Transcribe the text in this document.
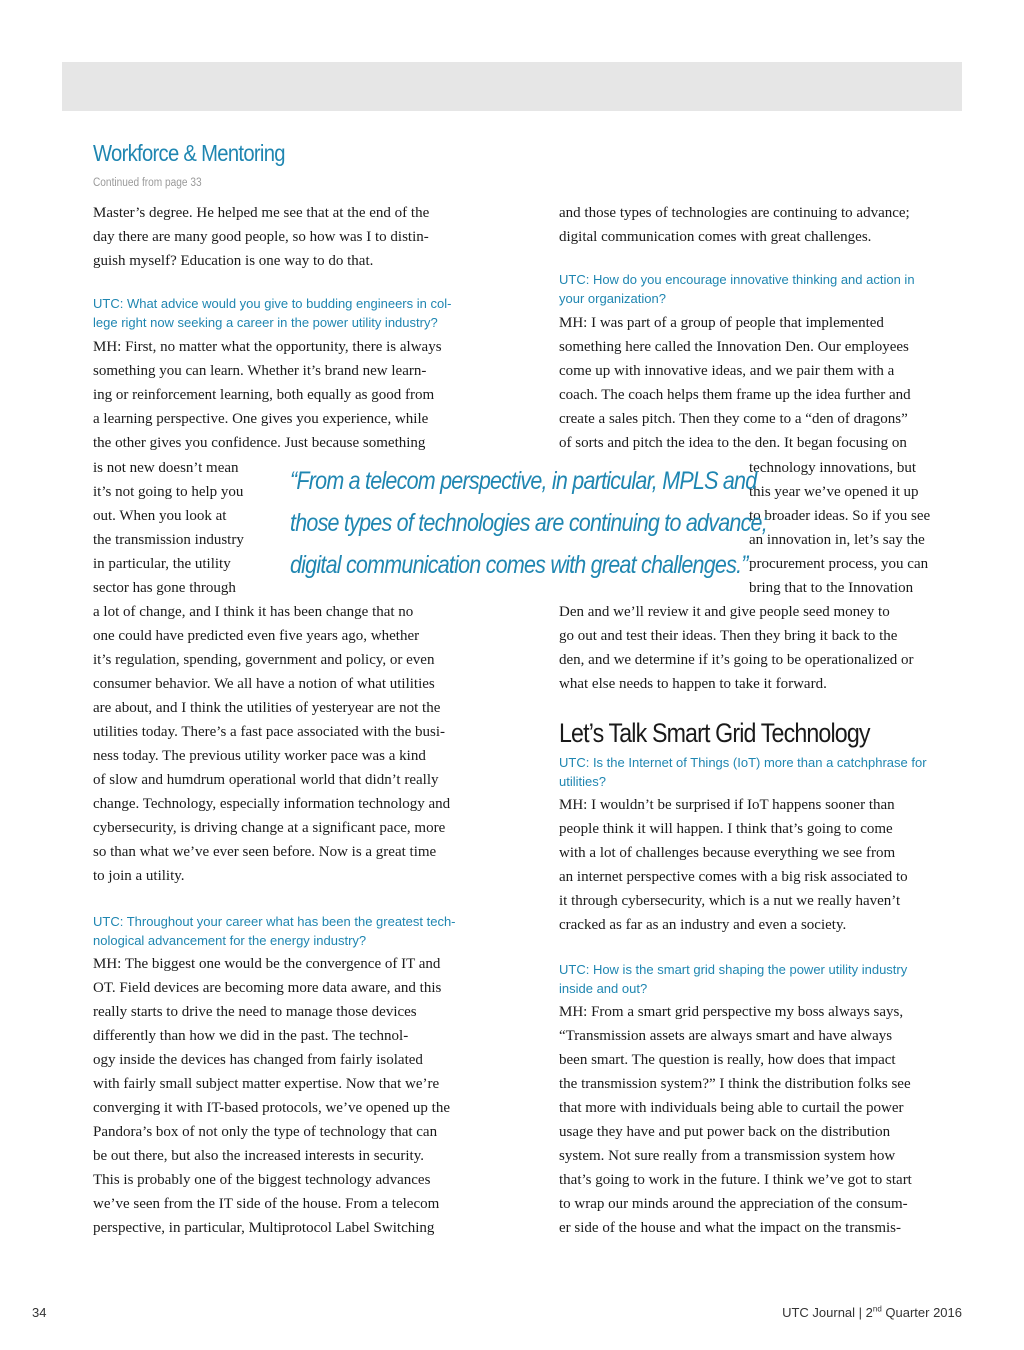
Workforce & Mentoring
Continued from page 33
Master’s degree. He helped me see that at the end of the
day there are many good people, so how was I to distin-
guish myself? Education is one way to do that.
UTC: What advice would you give to budding engineers in col-
lege right now seeking a career in the power utility industry?
MH: First, no matter what the opportunity, there is always
something you can learn. Whether it’s brand new learn-
ing or reinforcement learning, both equally as good from
a learning perspective. One gives you experience, while
the other gives you confidence. Just because something
is not new doesn’t mean
it’s not going to help you
out. When you look at
the transmission industry
in particular, the utility
sector has gone through
a lot of change, and I think it has been change that no
one could have predicted even five years ago, whether
it’s regulation, spending, government and policy, or even
consumer behavior. We all have a notion of what utilities
are about, and I think the utilities of yesteryear are not the
utilities today. There’s a fast pace associated with the busi-
ness today. The previous utility worker pace was a kind
of slow and humdrum operational world that didn’t really
change. Technology, especially information technology and
cybersecurity, is driving change at a significant pace, more
so than what we’ve ever seen before. Now is a great time
to join a utility.
UTC: Throughout your career what has been the greatest tech-
nological advancement for the energy industry?
MH: The biggest one would be the convergence of IT and
OT. Field devices are becoming more data aware, and this
really starts to drive the need to manage those devices
differently than how we did in the past. The technol-
ogy inside the devices has changed from fairly isolated
with fairly small subject matter expertise. Now that we’re
converging it with IT-based protocols, we’ve opened up the
Pandora’s box of not only the type of technology that can
be out there, but also the increased interests in security.
This is probably one of the biggest technology advances
we’ve seen from the IT side of the house. From a telecom
perspective, in particular, Multiprotocol Label Switching
and those types of technologies are continuing to advance;
digital communication comes with great challenges.
UTC: How do you encourage innovative thinking and action in
your organization?
MH: I was part of a group of people that implemented
something here called the Innovation Den. Our employees
come up with innovative ideas, and we pair them with a
coach. The coach helps them frame up the idea further and
create a sales pitch. Then they come to a “den of dragons”
of sorts and pitch the idea to the den. It began focusing on
technology innovations, but
this year we’ve opened it up
to broader ideas. So if you see
an innovation in, let’s say the
procurement process, you can
bring that to the Innovation
Den and we’ll review it and give people seed money to
go out and test their ideas. Then they bring it back to the
den, and we determine if it’s going to be operationalized or
what else needs to happen to take it forward.
UTC: Is the Internet of Things (IoT) more than a catchphrase for
utilities?
MH: I wouldn’t be surprised if IoT happens sooner than
people think it will happen. I think that’s going to come
with a lot of challenges because everything we see from
an internet perspective comes with a big risk associated to
it through cybersecurity, which is a nut we really haven’t
cracked as far as an industry and even a society.
UTC: How is the smart grid shaping the power utility industry
inside and out?
MH: From a smart grid perspective my boss always says,
“Transmission assets are always smart and have always
been smart. The question is really, how does that impact
the transmission system?” I think the distribution folks see
that more with individuals being able to curtail the power
usage they have and put power back on the distribution
system. Not sure really from a transmission system how
that’s going to work in the future. I think we’ve got to start
to wrap our minds around the appreciation of the consum-
er side of the house and what the impact on the transmis-
“From a telecom perspective, in particular, MPLS and
those types of technologies are continuing to advance;
digital communication comes with great challenges.”
Let’s Talk Smart Grid Technology
34	UTC Journal | 2nd Quarter 2016
